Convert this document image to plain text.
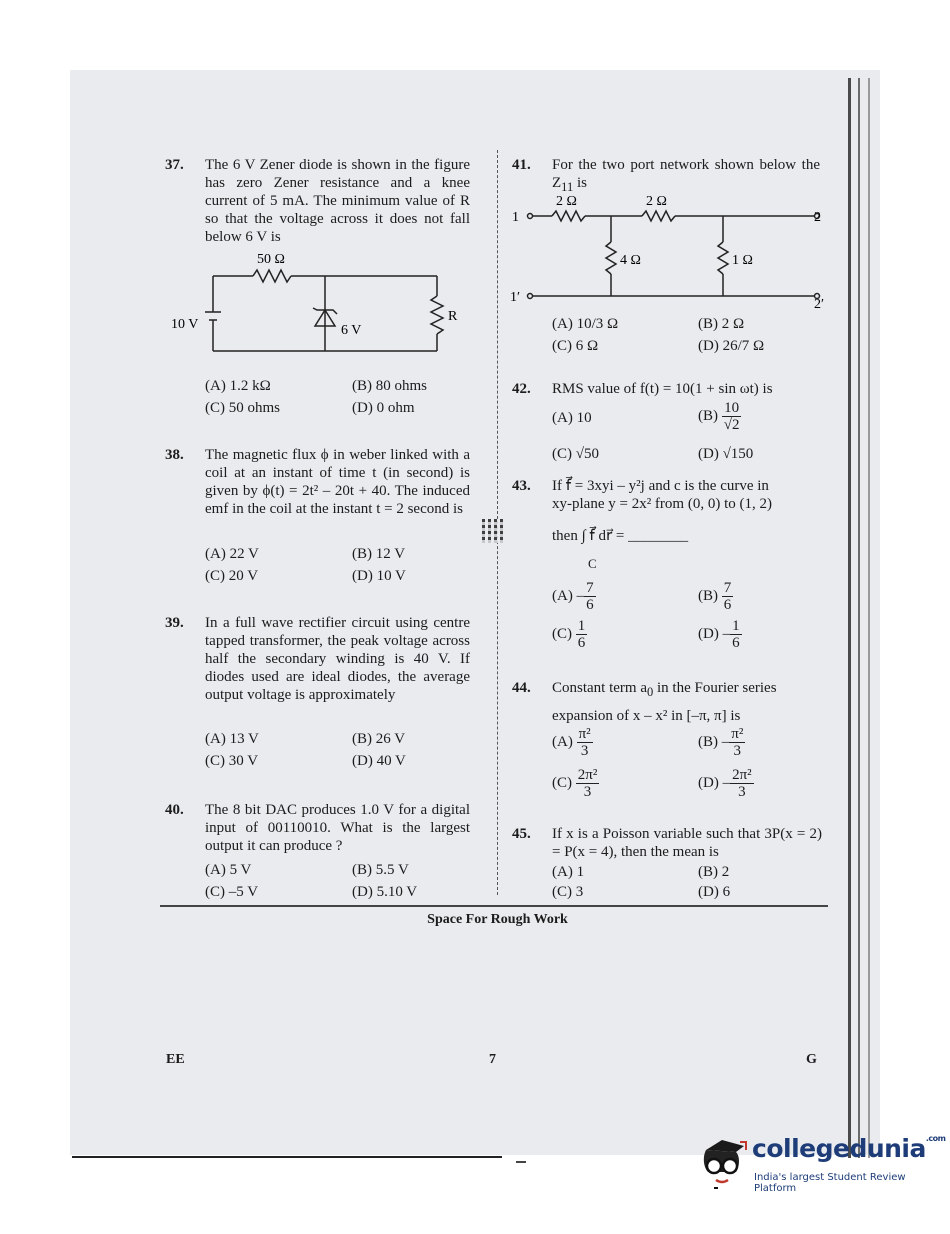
37. The 6 V Zener diode is shown in the figure has zero Zener resistance and a knee current of 5 mA. The minimum value of R so that the voltage across it does not fall below 6 V is
50 Ω
10 V	6 V
R
(A) 1.2 kΩ	(B) 80 ohms
(C) 50 ohms	(D) 0 ohm
38. The magnetic flux ϕ in weber linked with a coil at an instant of time t (in second) is given by ϕ(t) = 2t² – 20t + 40. The induced emf in the coil at the instant t = 2 second is
(A) 22 V	(B) 12 V
(C) 20 V	(D) 10 V
39. In a full wave rectifier circuit using centre tapped transformer, the peak voltage across half the secondary winding is 40 V. If diodes used are ideal diodes, the average output voltage is approximately
(A) 13 V	(B) 26 V
(C) 30 V	(D) 40 V
40. The 8 bit DAC produces 1.0 V for a digital input of 00110010. What is the largest output it can produce ?
(A) 5 V	(B) 5.5 V
(C) –5 V	(D) 5.10 V
41. For the two port network shown below the $Z_{11}$ is
2 Ω	2 Ω
4 Ω	1 Ω
1
1′
2
2′
(A) 10/3 Ω	(B) 2 Ω
(C) 6 Ω	(D) 26/7 Ω
42. RMS value of f(t) = 10(1 + sin ωt) is
(A) 10	$(B) \frac{10}{√2}$
(C) √50	(D) √150
43. If f⃗ = 3xyi – y²j and c is the curve in
xy-plane y = 2x² from (0, 0) to (1, 2)
then ∫ f⃗ dr⃗ = ________
C
$(A) - \frac{7}{6}$	$(B) \frac{7}{6}$
$(C) \frac{1}{6}$	$(D) - \frac{1}{6}$
44. Constant term $a_0$ in the Fourier series
expansion of x – x² in [–π, π] is
$(A) \frac{\text{π²}}{3}$	$(B) - \frac{\text{π²}}{3}$
$(C) \frac{\text{2π²}}{3}$	$(D) - \frac{\text{2π²}}{3}$
45. If x is a Poisson variable such that 3P(x = 2) = P(x = 4), then the mean is
(A) 1	(B) 2
(C) 3	(D) 6
Space For Rough Work
EE	7	G
collegedunia$^{.com}$
India's largest Student Review Platform
